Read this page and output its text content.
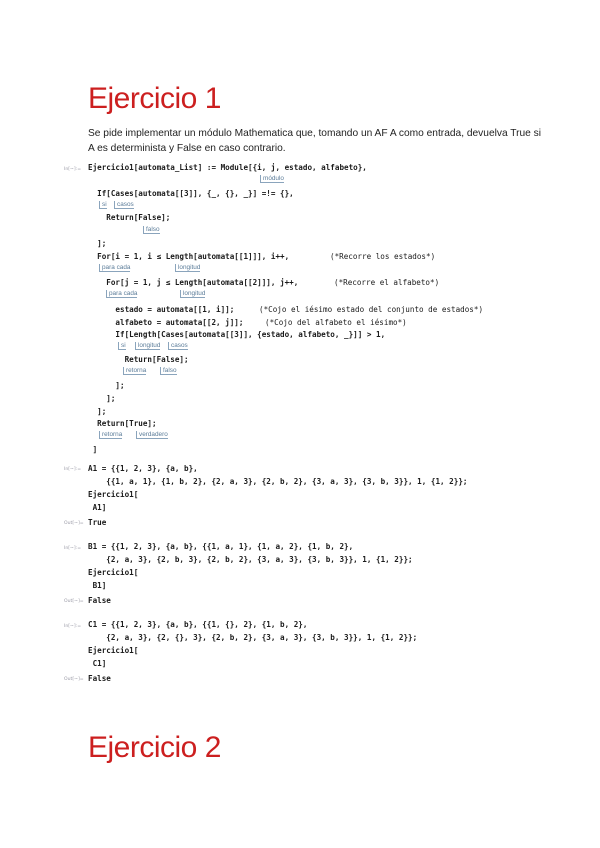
Ejercicio 1

Se pide implementar un módulo Mathematica que, tomando un AF A como entrada, devuelva True si A es determinista y False en caso contrario.

In[~]:= Ejercicio1[automata_List] := Module[{i, j, estado, alfabeto},
módulo
If[Cases[automata[[3]], {_, {}, _}] =!= {},
si	casos
Return[False];
falso
];
For[i = 1, i ≤ Length[automata[[1]]], i++,	(*Recorre los estados*)
para cada	longitud
For[j = 1, j ≤ Length[automata[[2]]], j++,	(*Recorre el alfabeto*)
para cada	longitud
estado = automata[[1, i]];	(*Cojo el iésimo estado del conjunto de estados*)
alfabeto = automata[[2, j]]; (*Cojo del alfabeto el iésimo*)
If[Length[Cases[automata[[3]], {estado, alfabeto, _}]] > 1,
si	longitud	casos
Return[False];
retorna	falso
];
];
];
Return[True];
retorna	verdadero
]
In[~]:= A1 = {{1, 2, 3}, {a, b},
{{1, a, 1}, {1, b, 2}, {2, a, 3}, {2, b, 2}, {3, a, 3}, {3, b, 3}}, 1, {1, 2}};
Ejercicio1[
A1]
Out[~]= True
In[~]:= B1 = {{1, 2, 3}, {a, b}, {{1, a, 1}, {1, a, 2}, {1, b, 2},
{2, a, 3}, {2, b, 3}, {2, b, 2}, {3, a, 3}, {3, b, 3}}, 1, {1, 2}};
Ejercicio1[
B1]
Out[~]= False
In[~]:= C1 = {{1, 2, 3}, {a, b}, {{1, {}, 2}, {1, b, 2},
{2, a, 3}, {2, {}, 3}, {2, b, 2}, {3, a, 3}, {3, b, 3}}, 1, {1, 2}};
Ejercicio1[
C1]
Out[~]= False
Ejercicio 2
